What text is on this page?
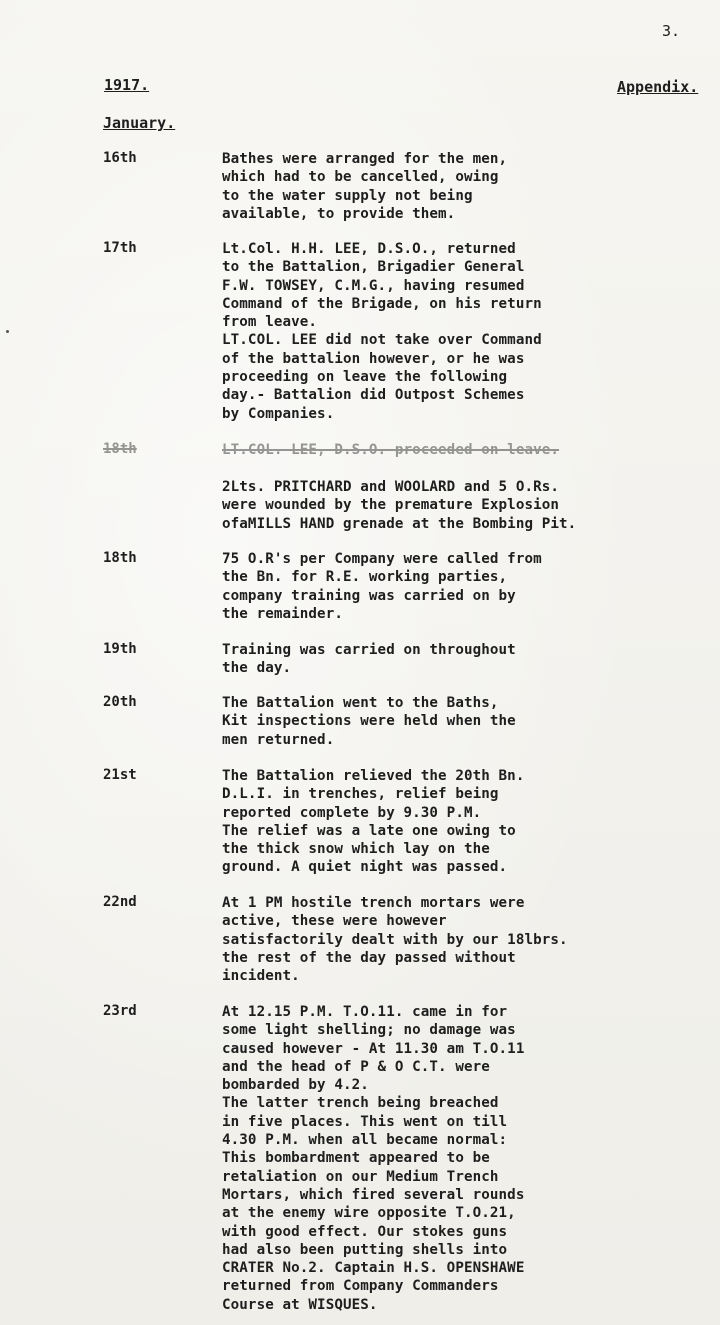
3.
1917.	Appendix.
January.
16th	Bathes were arranged for the men,
which had to be cancelled, owing
to the water supply not being
available, to provide them.
17th	Lt.Col. H.H. LEE, D.S.O., returned
to the Battalion, Brigadier General
F.W. TOWSEY, C.M.G., having resumed
Command of the Brigade, on his return
from leave.
LT.COL. LEE did not take over Command
of the battalion however, or he was
proceeding on leave the following
day.- Battalion did Outpost Schemes
by Companies.
18th	LT.COL. LEE, D.S.O. proceeded on leave.
2Lts. PRITCHARD and WOOLARD and 5 O.Rs.
were wounded by the premature Explosion
ofaMILLS HAND grenade at the Bombing Pit.
18th	75 O.R's per Company were called from
the Bn. for R.E. working parties,
company training was carried on by
the remainder.
19th	Training was carried on throughout
the day.
20th	The Battalion went to the Baths,
Kit inspections were held when the
men returned.
21st	The Battalion relieved the 20th Bn.
D.L.I. in trenches, relief being
reported complete by 9.30 P.M.
The relief was a late one owing to
the thick snow which lay on the
ground. A quiet night was passed.
22nd	At 1 PM hostile trench mortars were
active, these were however
satisfactorily dealt with by our 18lbrs.
the rest of the day passed without
incident.
23rd	At 12.15 P.M. T.O.11. came in for
some light shelling; no damage was
caused however - At 11.30 am T.O.11
and the head of P & O C.T. were
bombarded by 4.2.
The latter trench being breached
in five places. This went on till
4.30 P.M. when all became normal:
This bombardment appeared to be
retaliation on our Medium Trench
Mortars, which fired several rounds
at the enemy wire opposite T.O.21,
with good effect. Our stokes guns
had also been putting shells into
CRATER No.2. Captain H.S. OPENSHAWE
returned from Company Commanders
Course at WISQUES.
